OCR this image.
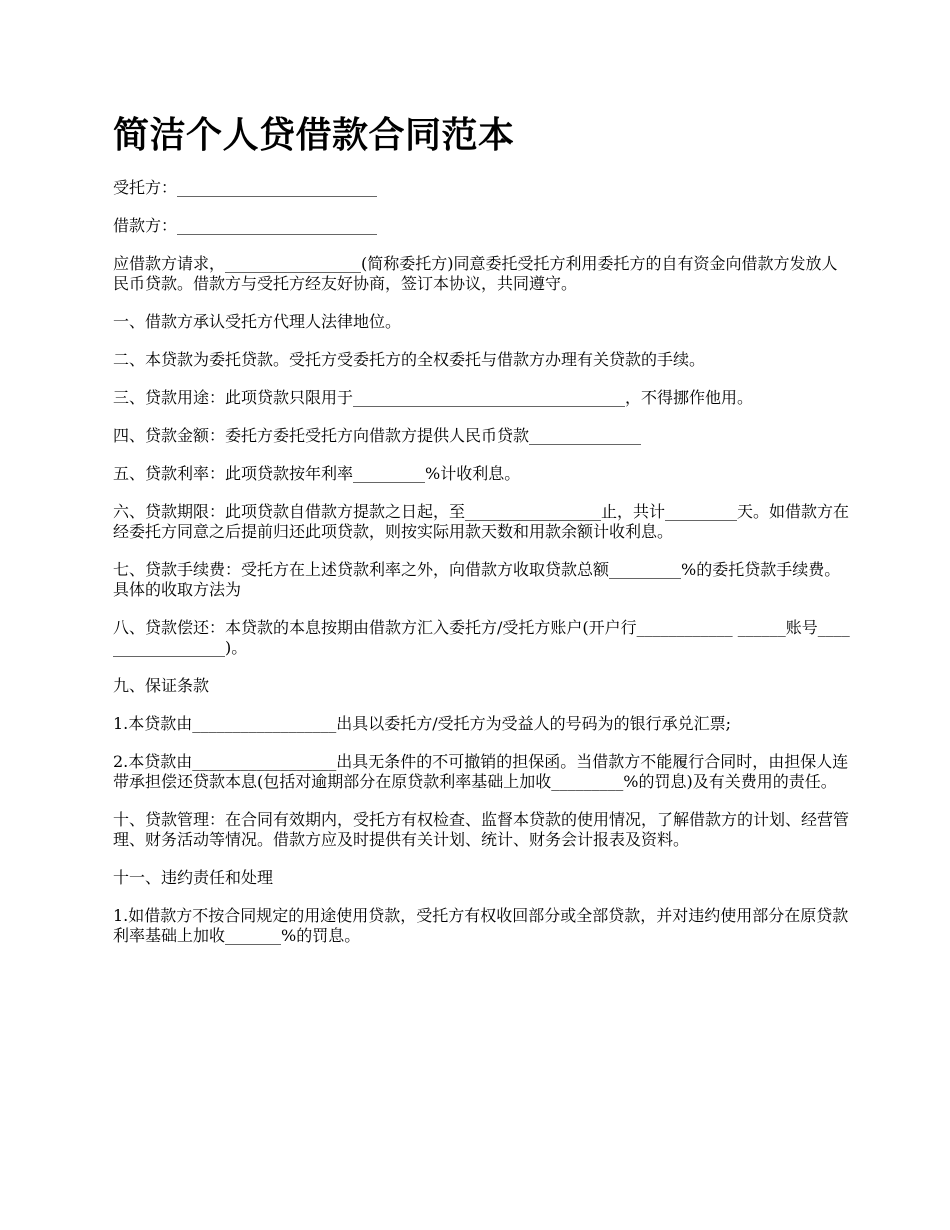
简洁个人贷借款合同范本

受托方：_________________________

借款方：_________________________

应借款方请求，_________________(简称委托方)同意委托受托方利用委托方的自有资金向借款方发放人民币贷款。借款方与受托方经友好协商，签订本协议，共同遵守。

一、借款方承认受托方代理人法律地位。

二、本贷款为委托贷款。受托方受委托方的全权委托与借款方办理有关贷款的手续。

三、贷款用途：此项贷款只限用于__________________________________，不得挪作他用。

四、贷款金额：委托方委托受托方向借款方提供人民币贷款______________

五、贷款利率：此项贷款按年利率_________%计收利息。

六、贷款期限：此项贷款自借款方提款之日起，至_________________止，共计_________天。如借款方在经委托方同意之后提前归还此项贷款，则按实际用款天数和用款余额计收利息。

七、贷款手续费：受托方在上述贷款利率之外，向借款方收取贷款总额_________%的委托贷款手续费。具体的收取方法为

八、贷款偿还：本贷款的本息按期由借款方汇入委托方/受托方账户(开户行____________ ______账号__________________)。

九、保证条款

1.本贷款由__________________出具以委托方/受托方为受益人的号码为的银行承兑汇票;

2.本贷款由__________________出具无条件的不可撤销的担保函。当借款方不能履行合同时，由担保人连带承担偿还贷款本息(包括对逾期部分在原贷款利率基础上加收_________%的罚息)及有关费用的责任。

十、贷款管理：在合同有效期内，受托方有权检查、监督本贷款的使用情况，了解借款方的计划、经营管理、财务活动等情况。借款方应及时提供有关计划、统计、财务会计报表及资料。

十一、违约责任和处理

1.如借款方不按合同规定的用途使用贷款，受托方有权收回部分或全部贷款，并对违约使用部分在原贷款利率基础上加收_______%的罚息。
